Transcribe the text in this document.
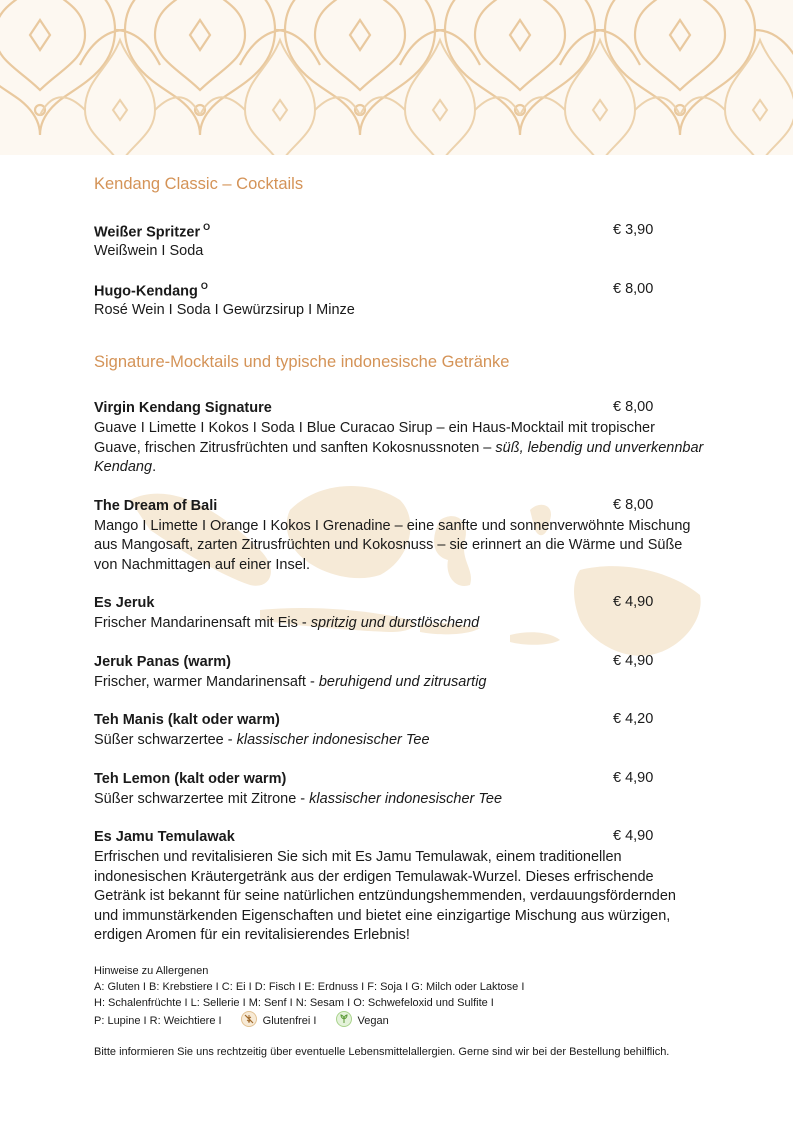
Kendang Classic – Cocktails
Weißer Spritzer $^O$	€ 3,90
Weißwein I Soda
Hugo-Kendang $^O$	€ 8,00
Rosé Wein I Soda I Gewürzsirup I Minze
Signature-Mocktails und typische indonesische Getränke
Virgin Kendang Signature	€ 8,00
Guave I Limette I Kokos I Soda I Blue Curacao Sirup – ein Haus-Mocktail mit tropischer Guave, frischen Zitrusfrüchten und sanften Kokosnussnoten – süß, lebendig und unverkennbar Kendang.
The Dream of Bali	€ 8,00
Mango I Limette I Orange I Kokos I Grenadine – eine sanfte und sonnenverwöhnte Mischung aus Mangosaft, zarten Zitrusfrüchten und Kokosnuss – sie erinnert an die Wärme und Süße von Nachmittagen auf einer Insel.
Es Jeruk	€ 4,90
Frischer Mandarinensaft mit Eis - spritzig und durstlöschend
Jeruk Panas (warm)	€ 4,90
Frischer, warmer Mandarinensaft - beruhigend und zitrusartig
Teh Manis (kalt oder warm)	€ 4,20
Süßer schwarzertee - klassischer indonesischer Tee
Teh Lemon (kalt oder warm)	€ 4,90
Süßer schwarzertee mit Zitrone - klassischer indonesischer Tee
Es Jamu Temulawak	€ 4,90
Erfrischen und revitalisieren Sie sich mit Es Jamu Temulawak, einem traditionellen indonesischen Kräutergetränk aus der erdigen Temulawak-Wurzel. Dieses erfrischende Getränk ist bekannt für seine natürlichen entzündungshemmenden, verdauungsfördernden und immunstärkenden Eigenschaften und bietet eine einzigartige Mischung aus würzigen, erdigen Aromen für ein revitalisierendes Erlebnis!
Hinweise zu Allergenen
A: Gluten I B: Krebstiere I C: Ei I D: Fisch I E: Erdnuss I F: Soja I G: Milch oder Laktose I
H: Schalenfrüchte I L: Sellerie I M: Senf I N: Sesam I O: Schwefeloxid und Sulfite I
P: Lupine I R: Weichtiere I	Glutenfrei I	Vegan
Bitte informieren Sie uns rechtzeitig über eventuelle Lebensmittelallergien. Gerne sind wir bei der Bestellung behilflich.
